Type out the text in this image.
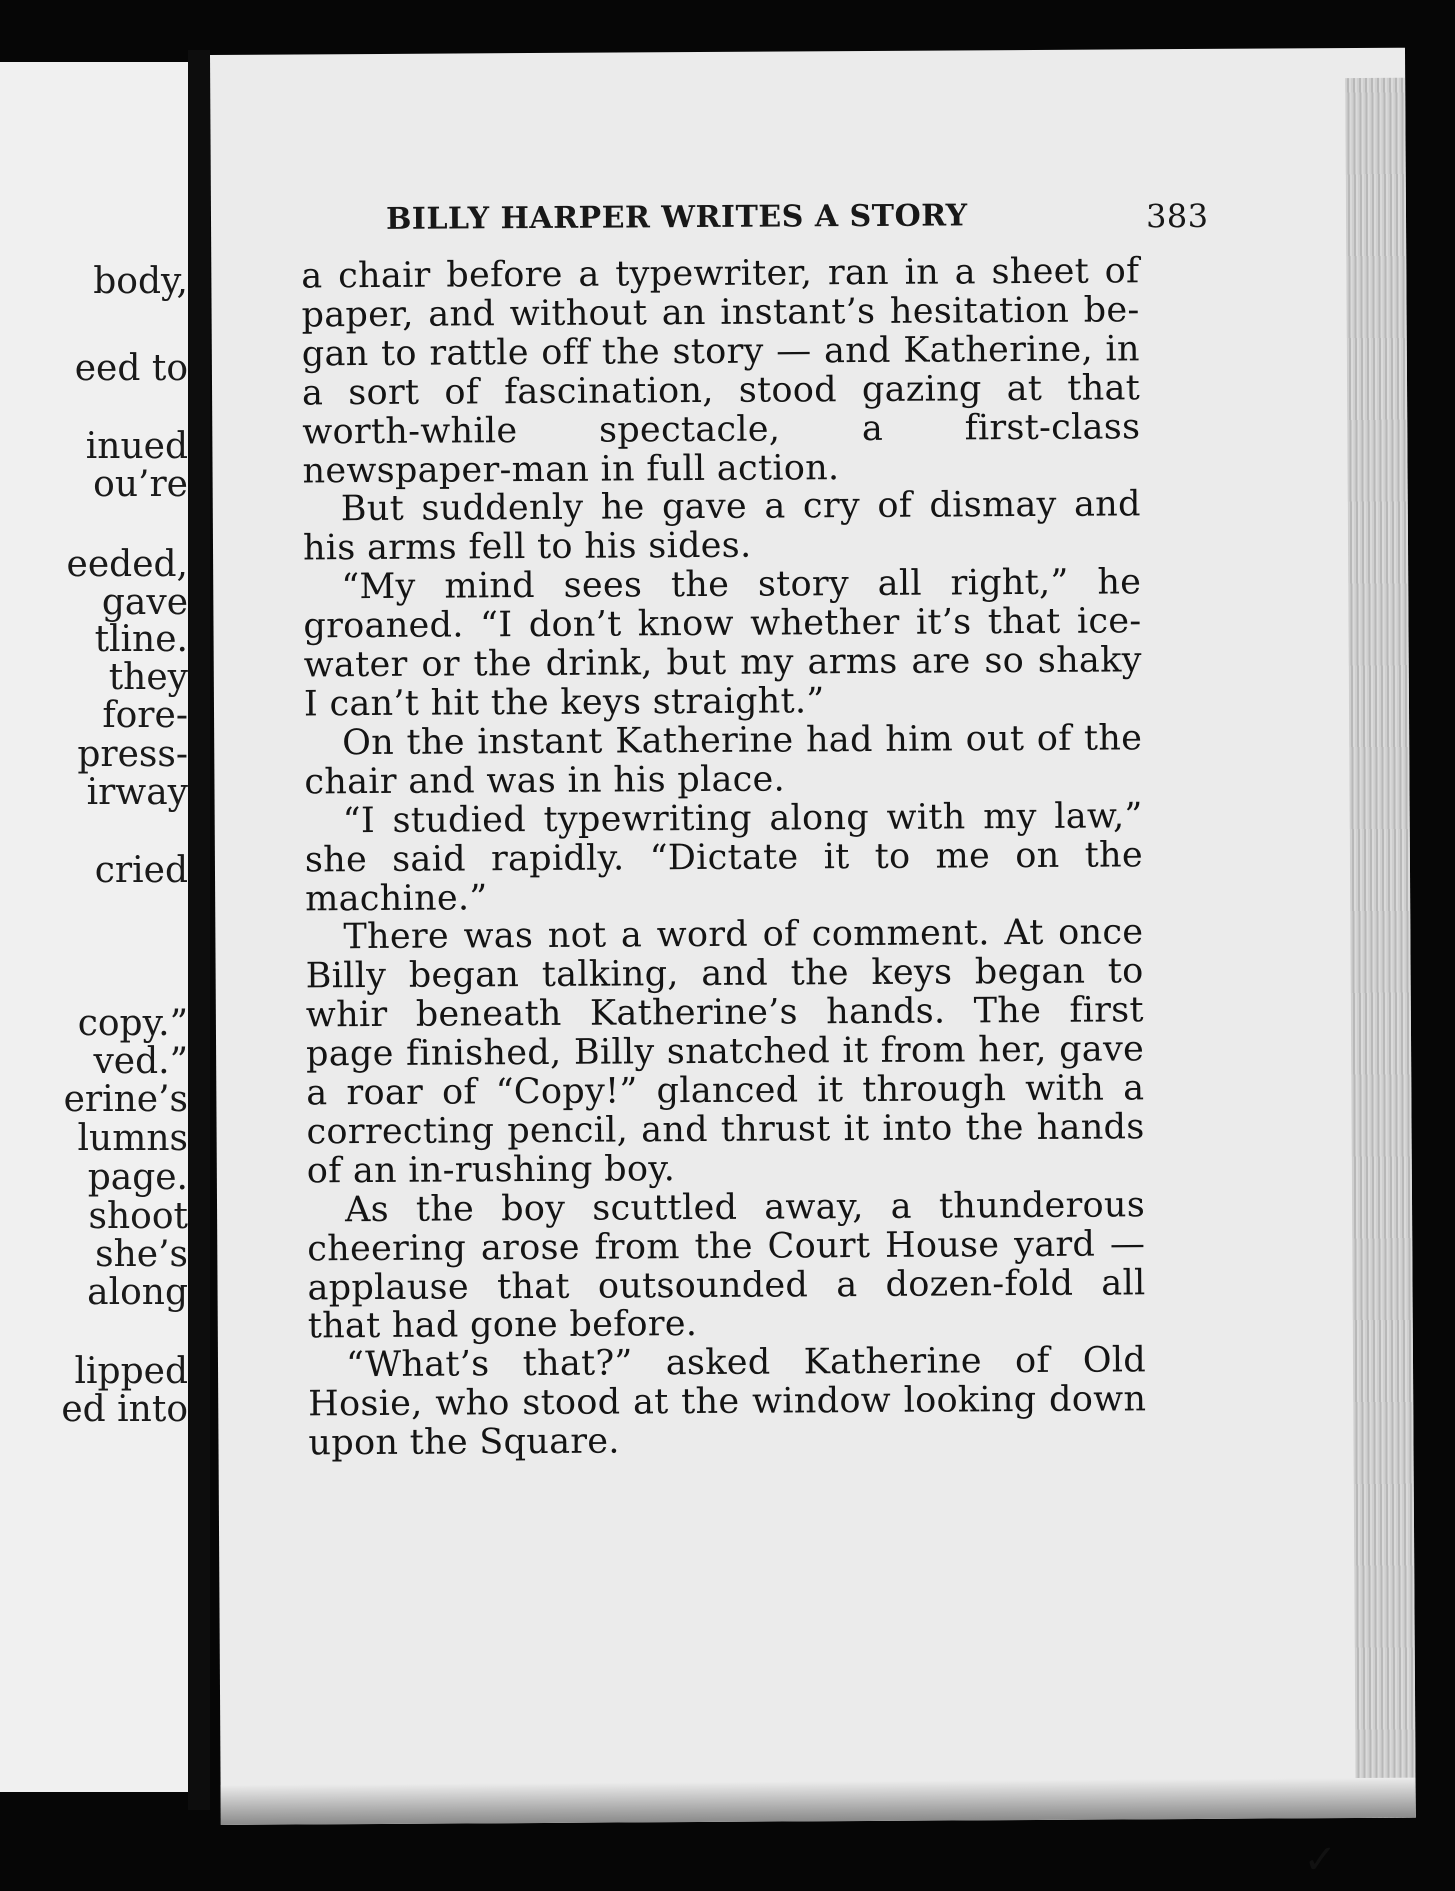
body,
eed to
inued
ou’re
eeded,
gave
tline.
they
fore-
press-
irway
cried
copy.”
ved.”
erine’s
lumns
page.
shoot
she’s
along
lipped
ed into
BILLY HARPER WRITES A STORY	383

a chair before a typewriter, ran in a sheet of paper, and without an instant’s hesitation be-gan to rattle off the story — and Katherine, in a sort of fascination, stood gazing at that worth-while spectacle, a first-class newspaper-man in full action.

But suddenly he gave a cry of dismay and his arms fell to his sides.

“My mind sees the story all right,” he groaned. “I don’t know whether it’s that ice-water or the drink, but my arms are so shaky I can’t hit the keys straight.”

On the instant Katherine had him out of the chair and was in his place.

“I studied typewriting along with my law,” she said rapidly. “Dictate it to me on the machine.”

There was not a word of comment. At once Billy began talking, and the keys began to whir beneath Katherine’s hands. The first page finished, Billy snatched it from her, gave a roar of “Copy!” glanced it through with a correcting pencil, and thrust it into the hands of an in-rushing boy.

As the boy scuttled away, a thunderous cheering arose from the Court House yard — applause that outsounded a dozen-fold all that had gone before.

“What’s that?” asked Katherine of Old Hosie, who stood at the window looking down upon the Square.

✓
